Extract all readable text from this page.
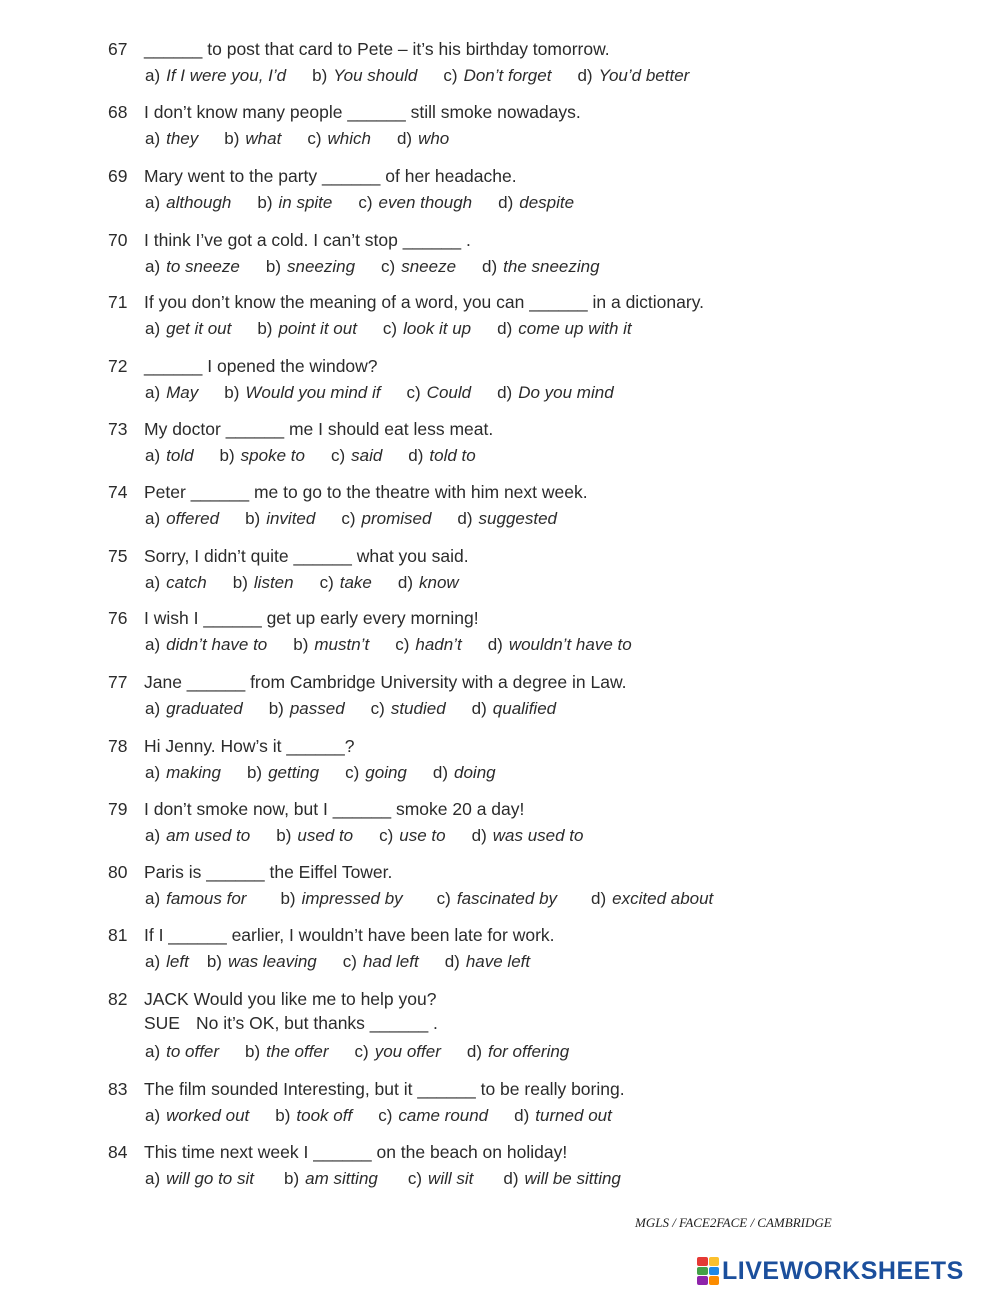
67 ______ to post that card to Pete – it’s his birthday tomorrow.
a) If I were you, I’d b) You should c) Don’t forget d) You’d better
68 I don’t know many people ______ still smoke nowadays.
a) they b) what c) which d) who
69 Mary went to the party ______ of her headache.
a) although b) in spite c) even though d) despite
70 I think I’ve got a cold. I can’t stop ______ .
a) to sneeze b) sneezing c) sneeze d) the sneezing
71 If you don’t know the meaning of a word, you can ______ in a dictionary.
a) get it out b) point it out c) look it up d) come up with it
72 ______ I opened the window?
a) May b) Would you mind if c) Could d) Do you mind
73 My doctor ______ me I should eat less meat.
a) told b) spoke to c) said d) told to
74 Peter ______ me to go to the theatre with him next week.
a) offered b) invited c) promised d) suggested
75 Sorry, I didn’t quite ______ what you said.
a) catch b) listen c) take d) know
76 I wish I ______ get up early every morning!
a) didn’t have to b) mustn’t c) hadn’t d) wouldn’t have to
77 Jane ______ from Cambridge University with a degree in Law.
a) graduated b) passed c) studied d) qualified
78 Hi Jenny. How’s it ______?
a) making b) getting c) going d) doing
79 I don’t smoke now, but I ______ smoke 20 a day!
a) am used to b) used to c) use to d) was used to
80 Paris is ______ the Eiffel Tower.
a) famous for b) impressed by c) fascinated by d) excited about
81 If I ______ earlier, I wouldn’t have been late for work.
a) left b) was leaving c) had left d) have left
82 JACK Would you like me to help you?
SUE No it’s OK, but thanks ______ .
a) to offer b) the offer c) you offer d) for offering
83 The film sounded Interesting, but it ______ to be really boring.
a) worked out b) took off c) came round d) turned out
84 This time next week I ______ on the beach on holiday!
a) will go to sit b) am sitting c) will sit d) will be sitting
MGLS / FACE2FACE / CAMBRIDGE
LIVEWORKSHEETS
